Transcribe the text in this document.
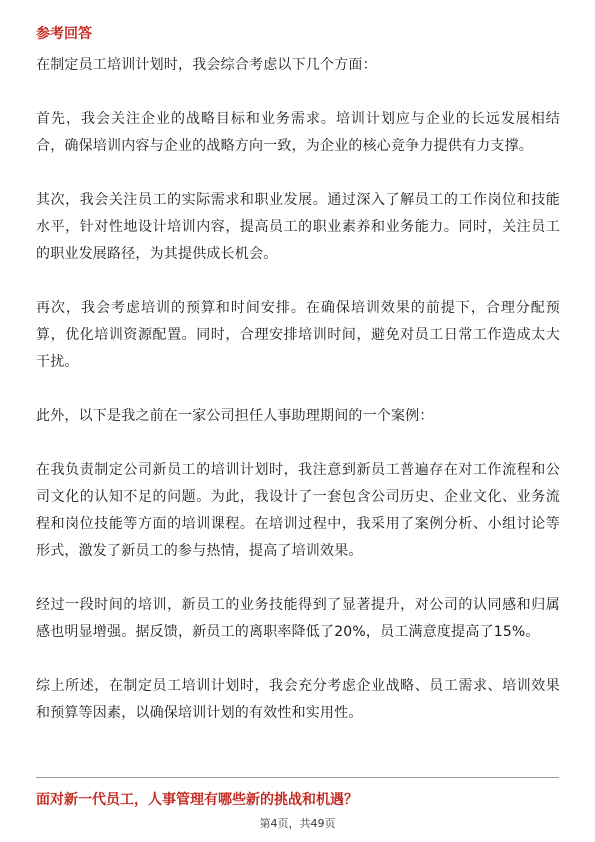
参考回答

在制定员工培训计划时，我会综合考虑以下几个方面：

首先，我会关注企业的战略目标和业务需求。培训计划应与企业的长远发展相结合，确保培训内容与企业的战略方向一致，为企业的核心竞争力提供有力支撑。

其次，我会关注员工的实际需求和职业发展。通过深入了解员工的工作岗位和技能水平，针对性地设计培训内容，提高员工的职业素养和业务能力。同时，关注员工的职业发展路径，为其提供成长机会。

再次，我会考虑培训的预算和时间安排。在确保培训效果的前提下，合理分配预算，优化培训资源配置。同时，合理安排培训时间，避免对员工日常工作造成太大干扰。

此外，以下是我之前在一家公司担任人事助理期间的一个案例：

在我负责制定公司新员工的培训计划时，我注意到新员工普遍存在对工作流程和公司文化的认知不足的问题。为此，我设计了一套包含公司历史、企业文化、业务流程和岗位技能等方面的培训课程。在培训过程中，我采用了案例分析、小组讨论等形式，激发了新员工的参与热情，提高了培训效果。

经过一段时间的培训，新员工的业务技能得到了显著提升，对公司的认同感和归属感也明显增强。据反馈，新员工的离职率降低了20%，员工满意度提高了15%。

综上所述，在制定员工培训计划时，我会充分考虑企业战略、员工需求、培训效果和预算等因素，以确保培训计划的有效性和实用性。

面对新一代员工，人事管理有哪些新的挑战和机遇？
第4页，共49页
